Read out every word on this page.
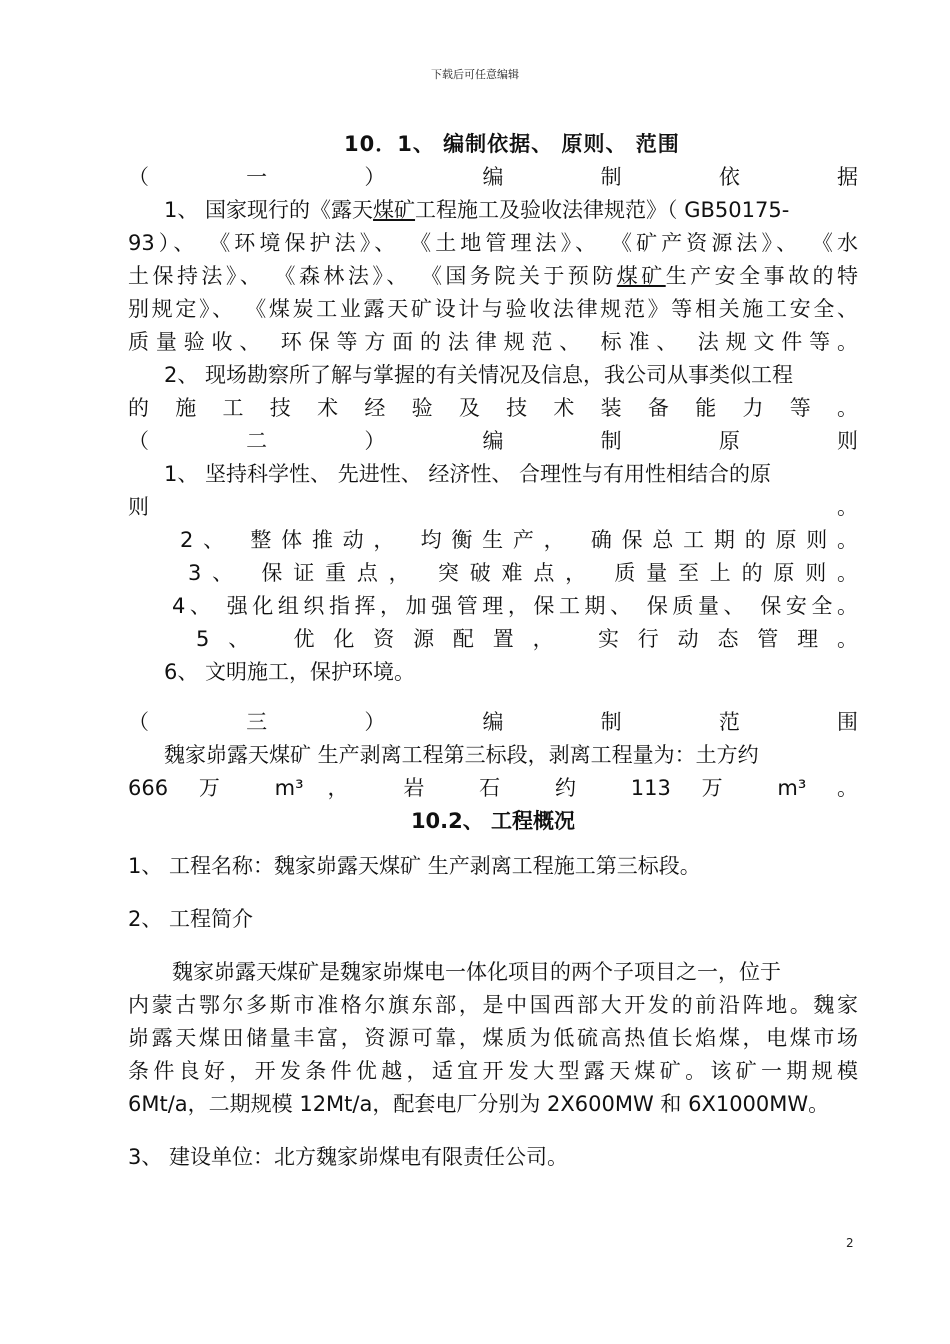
下载后可任意编辑
10．1、 编制依据、 原则、 范围
（ 一 ） 编 制 依 据
1、 国家现行的《露天煤矿工程施工及验收法律规范》（ GB50175-
93）、 《环境保护法》、 《土地管理法》、 《矿产资源法》、 《水
土保持法》、 《森林法》、 《国务院关于预防煤矿生产安全事故的特
别规定》、 《煤炭工业露天矿设计与验收法律规范》等相关施工安全、
质量验收、 环保等方面的法律规范、 标准、 法规文件等。
2、 现场勘察所了解与掌握的有关情况及信息，我公司从事类似工程
的 施 工 技 术 经 验 及 技 术 装 备 能 力 等 。
（ 二 ） 编 制 原 则
1、 坚持科学性、 先进性、 经济性、 合理性与有用性相结合的原
则	。
2、 整体推动， 均衡生产， 确保总工期的原则。
3、 保证重点， 突破难点， 质量至上的原则。
4、 强化组织指挥，加强管理，保工期、 保质量、 保安全。
5、 优化资源配置， 实行动态管理。
6、 文明施工，保护环境。
（ 三 ） 编 制 范 围
魏家峁露天煤矿 生产剥离工程第三标段，剥离工程量为：土方约
666 万 m³， 岩 石 约 113 万 m³ 。
10.2、 工程概况
1、 工程名称：魏家峁露天煤矿 生产剥离工程施工第三标段。
2、 工程简介
魏家峁露天煤矿是魏家峁煤电一体化项目的两个子项目之一，位于
内蒙古鄂尔多斯市准格尔旗东部，是中国西部大开发的前沿阵地。魏家
峁露天煤田储量丰富，资源可靠，煤质为低硫高热值长焰煤，电煤市场
条件良好，开发条件优越，适宜开发大型露天煤矿。该矿一期规模
6Mt/a，二期规模 12Mt/a，配套电厂分别为 2X600MW 和 6X1000MW。
3、 建设单位：北方魏家峁煤电有限责任公司。
2
